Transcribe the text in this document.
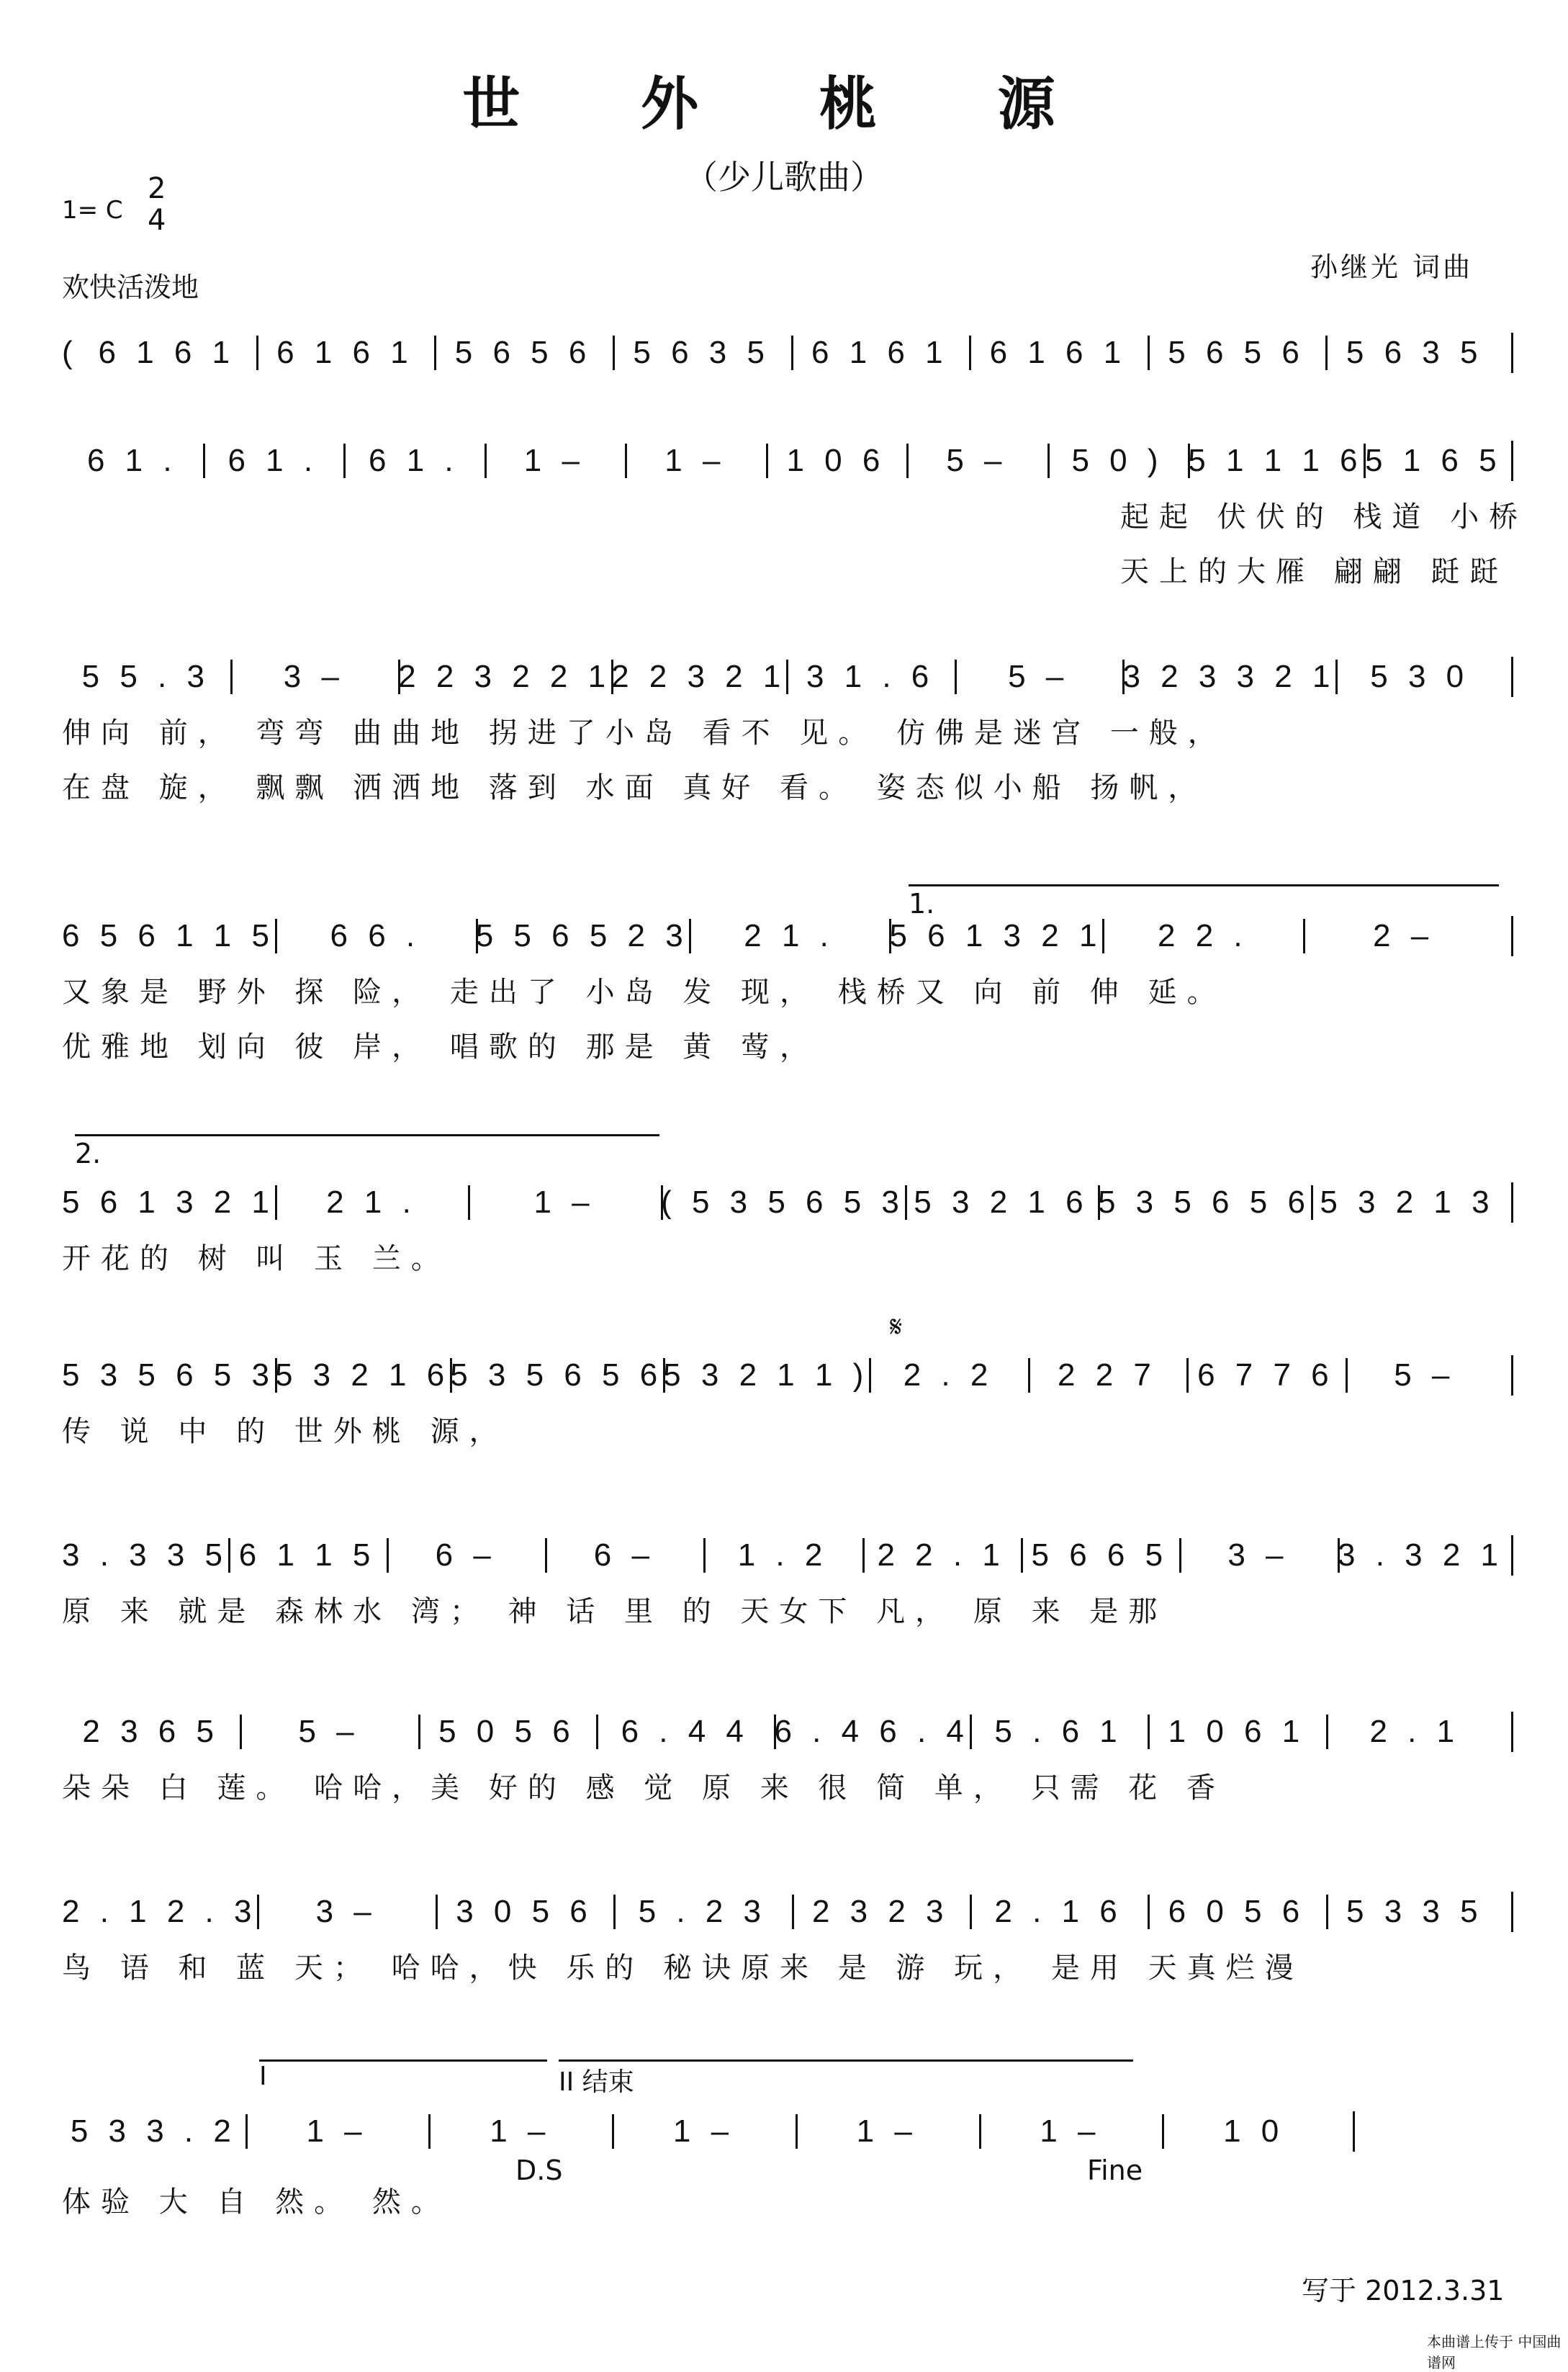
世 外 桃 源
（少儿歌曲）
1= C
2
4
欢快活泼地
孙继光 词曲
1.
2.
𝄋
I	II 结束
D.S	Fine
( 6 1 6 1	6 1 6 1	5 6 5 6	5 6 3 5	6 1 6 1	6 1 6 1	5 6 5 6	5 6 3 5
6 1 .	6 1 .	6 1 .	1 –	1 –	1 0 6	5 –	5 0 ) 5 1 1 1 6 5 1 6 5
起起 伏伏的 栈道 小桥
天上的大雁 翩翩 跹跹
5 5 . 3	3 –	2 2 3 2 2 1 2 2 3 2 1 3 1 . 6	5 –	3 2 3 3 2 1	5 3 0
伸向 前， 弯弯 曲曲地 拐进了小岛 看不 见。 仿佛是迷宫 一般，
在盘 旋， 飘飘 洒洒地 落到 水面 真好 看。 姿态似小船 扬帆，
6 5 6 1 1 5	6 6 .	5 5 6 5 2 3	2 1 .	5 6 1 3 2 1	2 2 .	2 –
又象是 野外 探 险， 走出了 小岛 发 现， 栈桥又 向 前 伸 延。
优雅地 划向 彼 岸， 唱歌的 那是 黄 莺，
5 6 1 3 2 1	2 1 .	1 –	( 5 3 5 6 5 3 5 3 2 1 6 5 3 5 6 5 6 5 3 2 1 3
开花的 树 叫 玉 兰。
5 3 5 6 5 3 5 3 2 1 6 5 3 5 6 5 6 5 3 2 1 1 )	2 . 2	2 2 7	6 7 7 6	5 –
传 说 中 的 世外桃 源，
3 . 3 3 5 6 1 1 5	6 –	6 –	1 . 2	2 2 . 1 5 6 6 5	3 –	3 . 3 2 1
原 来 就是 森林水 湾； 神 话 里 的 天女下 凡， 原 来 是那
2 3 6 5	5 –	5 0 5 6	6 . 4 4 6 . 4 6 . 4 5 . 6 1	1 0 6 1	2 . 1
朵朵 白 莲。 哈哈，美 好的 感 觉 原 来 很 简 单， 只需 花 香
2 . 1 2 . 3	3 –	3 0 5 6	5 . 2 3	2 3 2 3	2 . 1 6	6 0 5 6	5 3 3 5
鸟 语 和 蓝 天； 哈哈，快 乐的 秘诀原来 是 游 玩， 是用 天真烂漫
5 3 3 . 2	1 –	1 –	1 –	1 –	1 –	1 0
体验 大 自 然。 然。
写于 2012.3.31
本曲谱上传于 中国曲谱网
